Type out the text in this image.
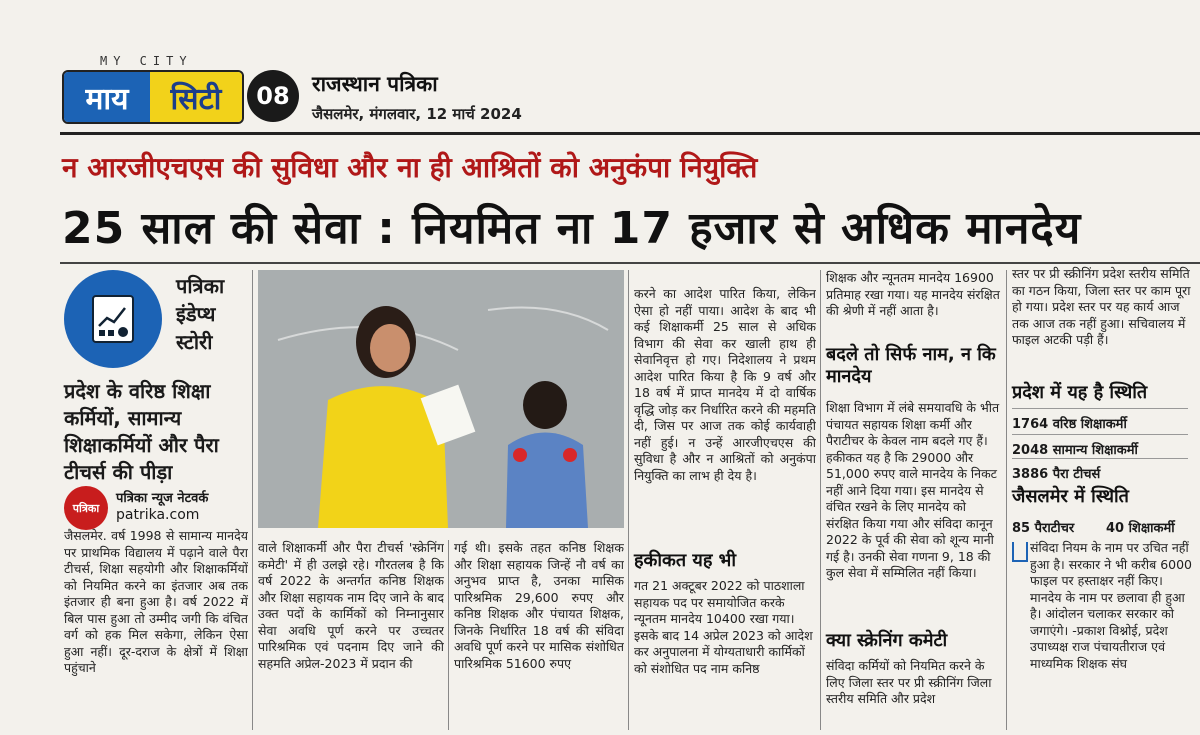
MY CITY
माय	सिटी	08	राजस्थान पत्रिका
जैसलमेर, मंगलवार, 12 मार्च 2024
न आरजीएचएस की सुविधा और ना ही आश्रितों को अनुकंपा नियुक्ति
25 साल की सेवा : नियमित ना 17 हजार से अधिक मानदेय
पत्रिका
इंडेप्थ
स्टोरी
प्रदेश के वरिष्ठ शिक्षा कर्मियों, सामान्य शिक्षाकर्मियों और पैरा टीचर्स की पीड़ा
पत्रिका
पत्रिका न्यूज नेटवर्क
patrika.com
जैसलमेर. वर्ष 1998 से सामान्य मानदेय पर प्राथमिक विद्यालय में पढ़ाने वाले पैरा टीचर्स, शिक्षा सहयोगी और शिक्षाकर्मियों को नियमित करने का इंतजार अब तक इंतजार ही बना हुआ है। वर्ष 2022 में बिल पास हुआ तो उम्मीद जगी कि वंचित वर्ग को हक मिल सकेगा, लेकिन ऐसा हुआ नहीं। दूर-दराज के क्षेत्रों में शिक्षा पहुंचाने
वाले शिक्षाकर्मी और पैरा टीचर्स 'स्क्रेनिंग कमेटी' में ही उलझे रहे। गौरतलब है कि वर्ष 2022 के अन्तर्गत कनिष्ठ शिक्षक और शिक्षा सहायक नाम दिए जाने के बाद उक्त पदों के कार्मिकों को निम्नानुसार सेवा अवधि पूर्ण करने पर उच्चतर पारिश्रमिक एवं पदनाम दिए जाने की सहमति अप्रेल-2023 में प्रदान की
गई थी। इसके तहत कनिष्ठ शिक्षक और शिक्षा सहायक जिन्हें नौ वर्ष का अनुभव प्राप्त है, उनका मासिक पारिश्रमिक 29,600 रुपए और कनिष्ठ शिक्षक और पंचायत शिक्षक, जिनके निर्धारित 18 वर्ष की संविदा अवधि पूर्ण करने पर मासिक संशोधित पारिश्रमिक 51600 रुपए
करने का आदेश पारित किया, लेकिन ऐसा हो नहीं पाया। आदेश के बाद भी कई शिक्षाकर्मी 25 साल से अधिक विभाग की सेवा कर खाली हाथ ही सेवानिवृत्त हो गए। निदेशालय ने प्रथम आदेश पारित किया है कि 9 वर्ष और 18 वर्ष में प्राप्त मानदेय में दो वार्षिक वृद्धि जोड़ कर निर्धारित करने की महमति दी, जिस पर आज तक कोई कार्यवाही नहीं हुई। न उन्हें आरजीएचएस की सुविधा है और न आश्रितों को अनुकंपा नियुक्ति का लाभ ही देय है।
हकीकत यह भी
गत 21 अक्टूबर 2022 को पाठशाला सहायक पद पर समायोजित करके न्यूनतम मानदेय 10400 रखा गया। इसके बाद 14 अप्रेल 2023 को आदेश कर अनुपालना में योग्यताधारी कार्मिकों को संशोधित पद नाम कनिष्ठ
शिक्षक और न्यूनतम मानदेय 16900 प्रतिमाह रखा गया। यह मानदेय संरक्षित की श्रेणी में नहीं आता है।
बदले तो सिर्फ नाम, न कि मानदेय
शिक्षा विभाग में लंबे समयावधि के भीत पंचायत सहायक शिक्षा कर्मी और पैराटीचर के केवल नाम बदले गए हैं। हकीकत यह है कि 29000 और 51,000 रुपए वाले मानदेय के निकट नहीं आने दिया गया। इस मानदेय से वंचित रखने के लिए मानदेय को संरक्षित किया गया और संविदा कानून 2022 के पूर्व की सेवा को शून्य मानी गई है। उनकी सेवा गणना 9, 18 की कुल सेवा में सम्मिलित नहीं किया।
क्या स्क्रेनिंग कमेटी
संविदा कर्मियों को नियमित करने के लिए जिला स्तर पर प्री स्क्रीनिंग जिला स्तरीय समिति और प्रदेश
स्तर पर प्री स्क्रीनिंग प्रदेश स्तरीय समिति का गठन किया, जिला स्तर पर काम पूरा हो गया। प्रदेश स्तर पर यह कार्य आज तक आज तक नहीं हुआ। सचिवालय में फाइल अटकी पड़ी हैं।
प्रदेश में यह है स्थिति
1764 वरिष्ठ शिक्षाकर्मी
2048 सामान्य शिक्षाकर्मी
3886 पैरा टीचर्स
जैसलमेर में स्थिति
85 पैराटीचर 40 शिक्षाकर्मी
संविदा नियम के नाम पर उचित नहीं हुआ है। सरकार ने भी करीब 6000 फाइल पर हस्ताक्षर नहीं किए। मानदेय के नाम पर छलावा ही हुआ है। आंदोलन चलाकर सरकार को जगाएंगे। -प्रकाश विश्नोई, प्रदेश उपाध्यक्ष राज पंचायतीराज एवं माध्यमिक शिक्षक संघ
